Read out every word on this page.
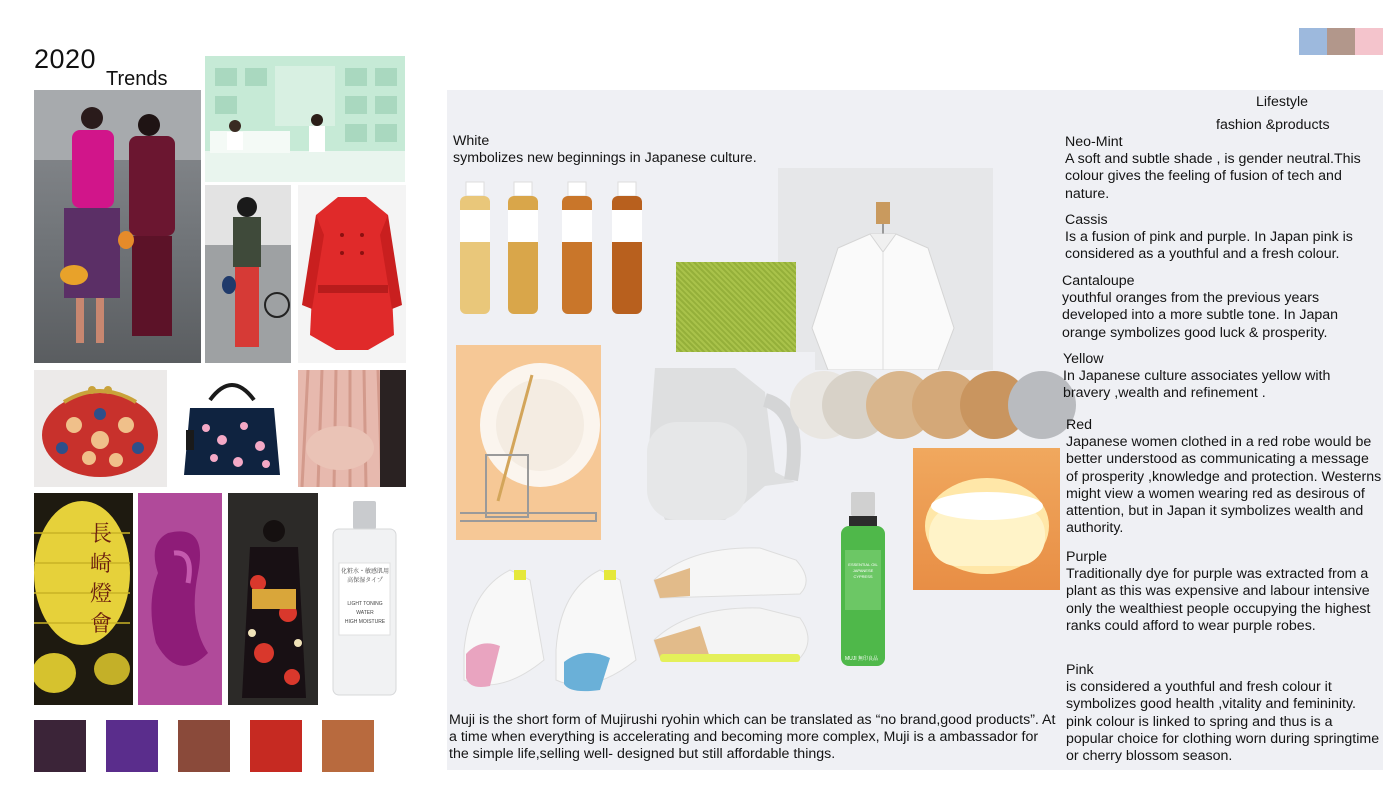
2020
Trends
長
崎
燈
會
化粧水・敏感肌用
高保湿タイプ
LIGHT TONING WATER
HIGH MOISTURE
White
symbolizes new beginnings in Japanese culture.
Lifestyle
fashion &products
ESSENTIAL OIL
JAPANESE CYPRESS
MUJI 無印良品
Muji is the short form of Mujirushi ryohin which can be translated as “no brand,good products”. At a time when everything is accelerating and becoming more complex, Muji is a ambassador for the simple life,selling well- designed but still affordable things.
Neo-Mint
A soft and subtle shade , is gender neutral.This colour gives the feeling of fusion of tech and nature.
Cassis
Is a fusion of pink and purple. In Japan pink is considered as a youthful and a fresh colour.
Cantaloupe
youthful oranges from the previous years developed into a more subtle tone. In Japan orange symbolizes good luck & prosperity.
Yellow
In Japanese culture associates yellow with bravery ,wealth and refinement .
Red
Japanese women clothed in a red robe would be better understood as communicating a message of prosperity ,knowledge and protection. Westerns might view a women wearing red as desirous of attention, but in Japan it symbolizes wealth and authority.
Purple
Traditionally dye for purple was extracted from a plant as this was expensive and labour intensive only the wealthiest people occupying the highest ranks could afford to wear purple robes.
Pink
is considered a youthful and fresh colour it symbolizes good health ,vitality and femininity. pink colour is linked to spring and thus is a popular choice for clothing worn during springtime or cherry blossom season.
